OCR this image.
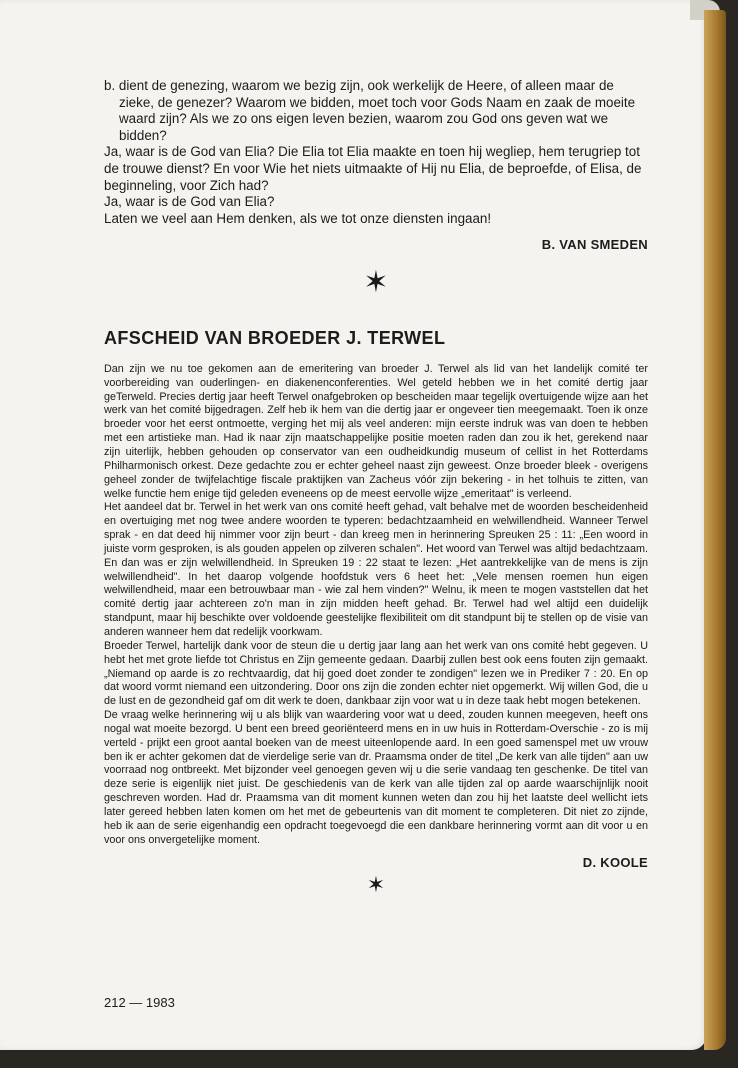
b. dient de genezing, waarom we bezig zijn, ook werkelijk de Heere, of alleen maar de zieke, de genezer? Waarom we bidden, moet toch voor Gods Naam en zaak de moeite waard zijn? Als we zo ons eigen leven bezien, waarom zou God ons geven wat we bidden?

Ja, waar is de God van Elia? Die Elia tot Elia maakte en toen hij wegliep, hem terugriep tot de trouwe dienst? En voor Wie het niets uitmaakte of Hij nu Elia, de beproefde, of Elisa, de beginneling, voor Zich had?

Ja, waar is de God van Elia?

Laten we veel aan Hem denken, als we tot onze diensten ingaan!

B. VAN SMEDEN

✶
AFSCHEID VAN BROEDER J. TERWEL

Dan zijn we nu toe gekomen aan de emeritering van broeder J. Terwel als lid van het landelijk comité ter voorbereiding van ouderlingen- en diakenenconferenties. Wel geteld hebben we in het comité dertig jaar geTerweld. Precies dertig jaar heeft Terwel onafgebroken op bescheiden maar tegelijk overtuigende wijze aan het werk van het comité bijgedragen. Zelf heb ik hem van die dertig jaar er ongeveer tien meegemaakt. Toen ik onze broeder voor het eerst ontmoette, verging het mij als veel anderen: mijn eerste indruk was van doen te hebben met een artistieke man. Had ik naar zijn maatschappelijke positie moeten raden dan zou ik het, gerekend naar zijn uiterlijk, hebben gehouden op conservator van een oudheidkundig museum of cellist in het Rotterdams Philharmonisch orkest. Deze gedachte zou er echter geheel naast zijn geweest. Onze broeder bleek - overigens geheel zonder de twijfelachtige fiscale praktijken van Zacheus vóór zijn bekering - in het tolhuis te zitten, van welke functie hem enige tijd geleden eveneens op de meest eervolle wijze „emeritaat" is verleend.

Het aandeel dat br. Terwel in het werk van ons comité heeft gehad, valt behalve met de woorden bescheidenheid en overtuiging met nog twee andere woorden te typeren: bedachtzaamheid en welwillendheid. Wanneer Terwel sprak - en dat deed hij nimmer voor zijn beurt - dan kreeg men in herinnering Spreuken 25 : 11: „Een woord in juiste vorm gesproken, is als gouden appelen op zilveren schalen". Het woord van Terwel was altijd bedachtzaam. En dan was er zijn welwillendheid. In Spreuken 19 : 22 staat te lezen: „Het aantrekkelijke van de mens is zijn welwillendheid". In het daarop volgende hoofdstuk vers 6 heet het: „Vele mensen roemen hun eigen welwillendheid, maar een betrouwbaar man - wie zal hem vinden?" Welnu, ik meen te mogen vaststellen dat het comité dertig jaar achtereen zo'n man in zijn midden heeft gehad. Br. Terwel had wel altijd een duidelijk standpunt, maar hij beschikte over voldoende geestelijke flexibiliteit om dit standpunt bij te stellen op de visie van anderen wanneer hem dat redelijk voorkwam.

Broeder Terwel, hartelijk dank voor de steun die u dertig jaar lang aan het werk van ons comité hebt gegeven. U hebt het met grote liefde tot Christus en Zijn gemeente gedaan. Daarbij zullen best ook eens fouten zijn gemaakt. „Niemand op aarde is zo rechtvaardig, dat hij goed doet zonder te zondigen" lezen we in Prediker 7 : 20. En op dat woord vormt niemand een uitzondering. Door ons zijn die zonden echter niet opgemerkt. Wij willen God, die u de lust en de gezondheid gaf om dit werk te doen, dankbaar zijn voor wat u in deze taak hebt mogen betekenen.

De vraag welke herinnering wij u als blijk van waardering voor wat u deed, zouden kunnen meegeven, heeft ons nogal wat moeite bezorgd. U bent een breed georiënteerd mens en in uw huis in Rotterdam-Overschie - zo is mij verteld - prijkt een groot aantal boeken van de meest uiteenlopende aard. In een goed samenspel met uw vrouw ben ik er achter gekomen dat de vierdelige serie van dr. Praamsma onder de titel „De kerk van alle tijden" aan uw voorraad nog ontbreekt. Met bijzonder veel genoegen geven wij u die serie vandaag ten geschenke. De titel van deze serie is eigenlijk niet juist. De geschiedenis van de kerk van alle tijden zal op aarde waarschijnlijk nooit geschreven worden. Had dr. Praamsma van dit moment kunnen weten dan zou hij het laatste deel wellicht iets later gereed hebben laten komen om het met de gebeurtenis van dit moment te completeren. Dit niet zo zijnde, heb ik aan de serie eigenhandig een opdracht toegevoegd die een dankbare herinnering vormt aan dit voor u en voor ons onvergetelijke moment.

D. KOOLE
✶
212 — 1983
